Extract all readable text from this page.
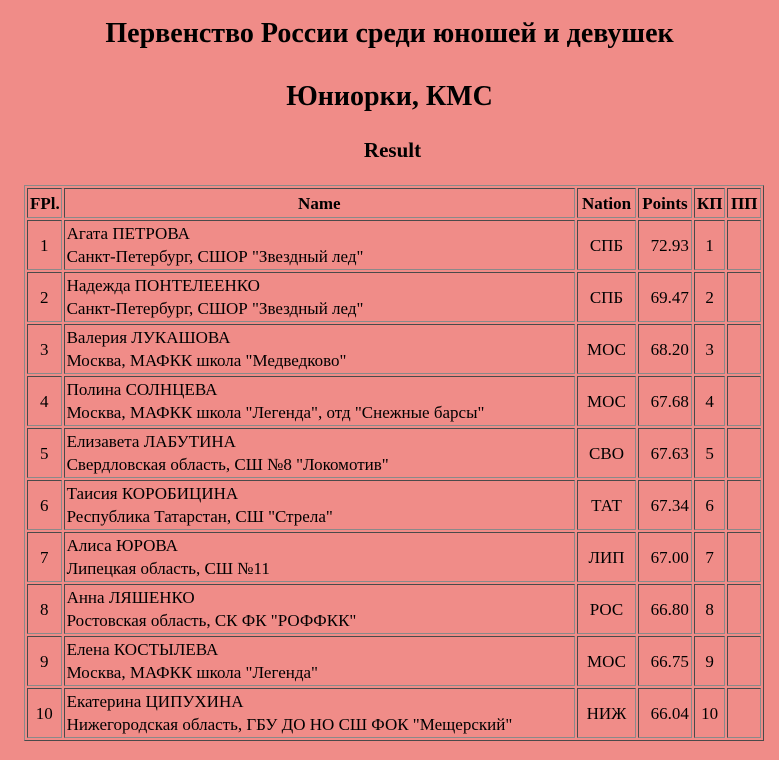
Первенство России среди юношей и девушек
Юниорки, КМС
Result
FPl.	Name	Nation	Points	КП	ПП
1	Агата ПЕТРОВА
Санкт-Петербург, СШОР "Звездный лед"	СПБ	72.93	1	
2	Надежда ПОНТЕЛЕЕНКО
Санкт-Петербург, СШОР "Звездный лед"	СПБ	69.47	2	
3	Валерия ЛУКАШОВА
Москва, МАФКК школа "Медведково"	МОС	68.20	3	
4	Полина СОЛНЦЕВА
Москва, МАФКК школа "Легенда", отд "Снежные барсы"	МОС	67.68	4	
5	Елизавета ЛАБУТИНА
Свердловская область, СШ №8 "Локомотив"	СВО	67.63	5	
6	Таисия КОРОБИЦИНА
Республика Татарстан, СШ "Стрела"	ТАТ	67.34	6	
7	Алиса ЮРОВА
Липецкая область, СШ №11	ЛИП	67.00	7	
8	Анна ЛЯШЕНКО
Ростовская область, СК ФК "РОФФКК"	РОС	66.80	8	
9	Елена КОСТЫЛЕВА
Москва, МАФКК школа "Легенда"	МОС	66.75	9	
10	Екатерина ЦИПУХИНА
Нижегородская область, ГБУ ДО НО СШ ФОК "Мещерский"	НИЖ	66.04	10	
